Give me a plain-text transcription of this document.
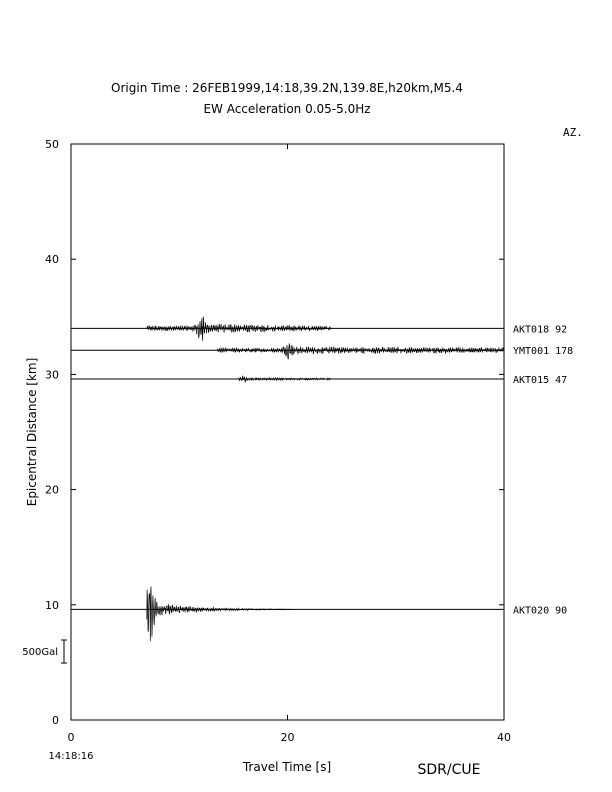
Origin Time : 26FEB1999,14:18,39.2N,139.8E,h20km,M5.4
EW Acceleration 0.05-5.0Hz
AZ.
0
10
20
30
40
50
0	20	40
Epicentral Distance [km]
Travel Time [s]
14:18:16
SDR/CUE
500Gal
AKT018 92
YMT001 178
AKT015 47
AKT020 90
